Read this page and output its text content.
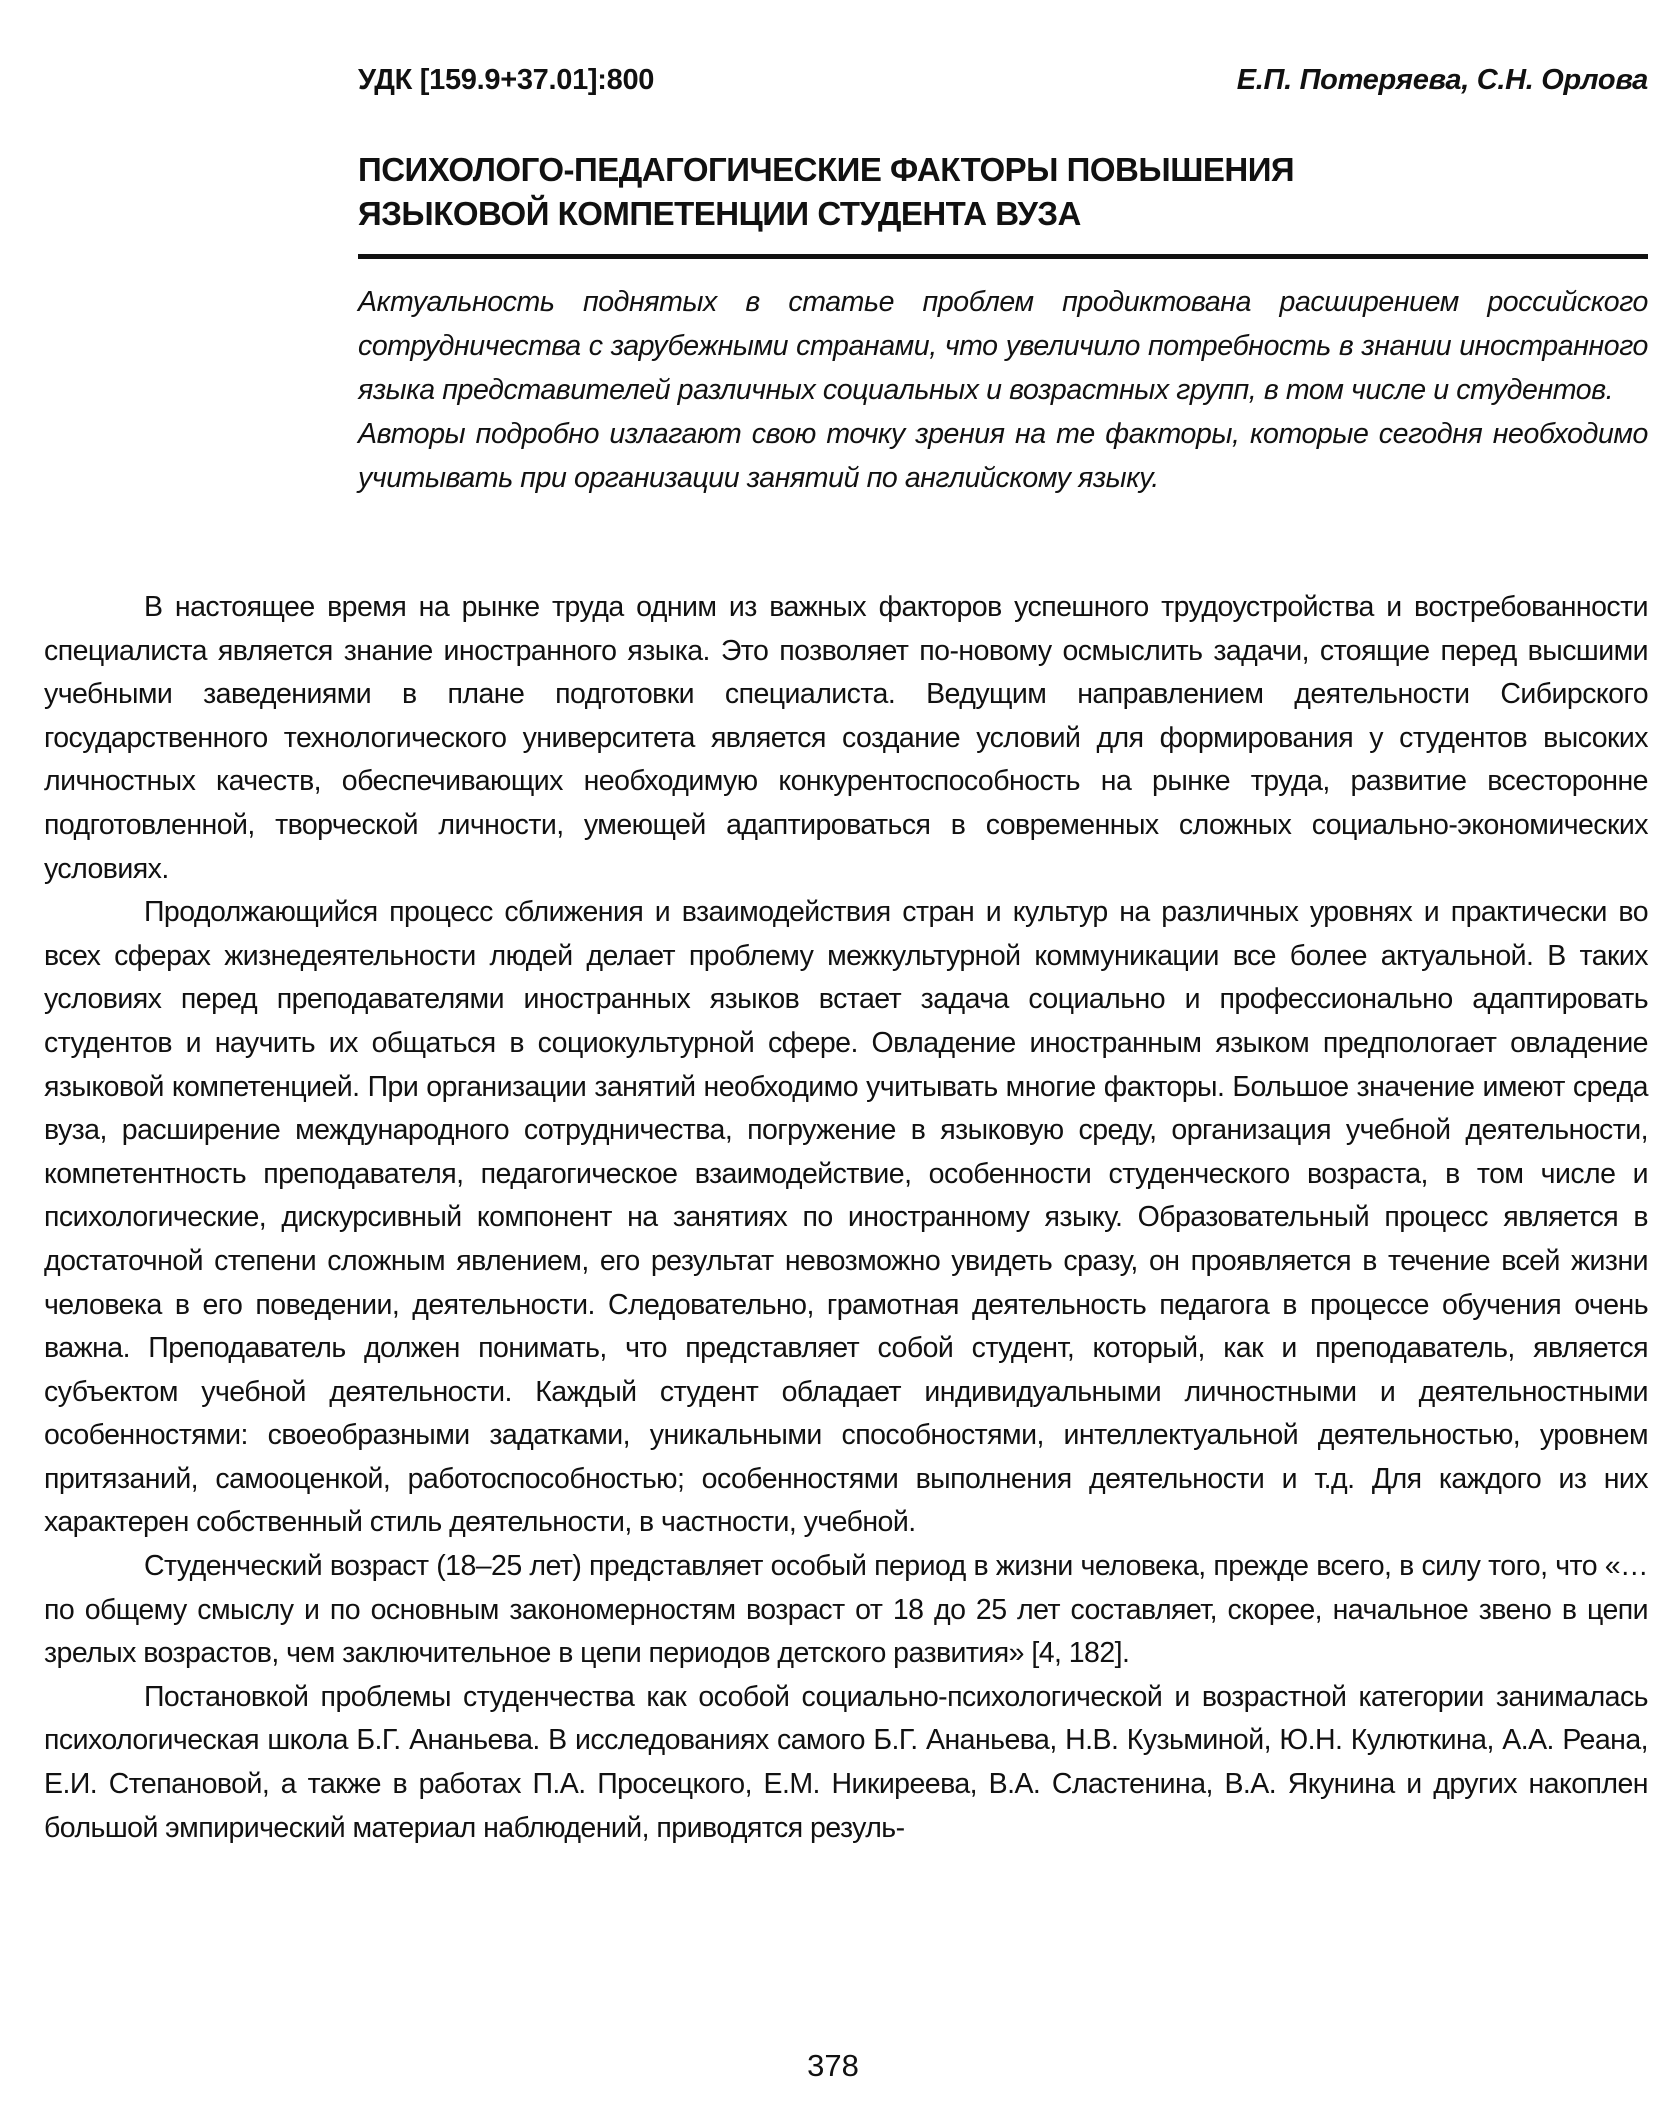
УДК [159.9+37.01]:800	Е.П. Потеряева, С.Н. Орлова
ПСИХОЛОГО-ПЕДАГОГИЧЕСКИЕ ФАКТОРЫ ПОВЫШЕНИЯ
ЯЗЫКОВОЙ КОМПЕТЕНЦИИ СТУДЕНТА ВУЗА

Актуальность поднятых в статье проблем продиктована расширением российского сотрудничества с зарубежными странами, что увеличило потребность в знании иностранного языка представителей различных социальных и возрастных групп, в том числе и студентов.

Авторы подробно излагают свою точку зрения на те факторы, которые сегодня необходимо учитывать при организации занятий по английскому языку.

В настоящее время на рынке труда одним из важных факторов успешного трудоустройства и востребованности специалиста является знание иностранного языка. Это позволяет по-новому осмыслить задачи, стоящие перед высшими учебными заведениями в плане подготовки специалиста. Ведущим направлением деятельности Сибирского государственного технологического университета является создание условий для формирования у студентов высоких личностных качеств, обеспечивающих необходимую конкурентоспособность на рынке труда, развитие всесторонне подготовленной, творческой личности, умеющей адаптироваться в современных сложных социально-экономических условиях.

Продолжающийся процесс сближения и взаимодействия стран и культур на различных уровнях и практически во всех сферах жизнедеятельности людей делает проблему межкультурной коммуникации все более актуальной. В таких условиях перед преподавателями иностранных языков встает задача социально и профессионально адаптировать студентов и научить их общаться в социокультурной сфере. Овладение иностранным языком предпологает овладение языковой компетенцией. При организации занятий необходимо учитывать многие факторы. Большое значение имеют среда вуза, расширение международного сотрудничества, погружение в языковую среду, организация учебной деятельности, компетентность преподавателя, педагогическое взаимодействие, особенности студенческого возраста, в том числе и психологические, дискурсивный компонент на занятиях по иностранному языку. Образовательный процесс является в достаточной степени сложным явлением, его результат невозможно увидеть сразу, он проявляется в течение всей жизни человека в его поведении, деятельности. Следовательно, грамотная деятельность педагога в процессе обучения очень важна. Преподаватель должен понимать, что представляет собой студент, который, как и преподаватель, является субъектом учебной деятельности. Каждый студент обладает индивидуальными личностными и деятельностными особенностями: своеобразными задатками, уникальными способностями, интеллектуальной деятельностью, уровнем притязаний, самооценкой, работоспособностью; особенностями выполнения деятельности и т.д. Для каждого из них характерен собственный стиль деятельности, в частности, учебной.

Студенческий возраст (18–25 лет) представляет особый период в жизни человека, прежде всего, в силу того, что «…по общему смыслу и по основным закономерностям возраст от 18 до 25 лет составляет, скорее, начальное звено в цепи зрелых возрастов, чем заключительное в цепи периодов детского развития» [4, 182].

Постановкой проблемы студенчества как особой социально-психологической и возрастной категории занималась психологическая школа Б.Г. Ананьева. В исследованиях самого Б.Г. Ананьева, Н.В. Кузьминой, Ю.Н. Кулюткина, А.А. Реана, Е.И. Степановой, а также в работах П.А. Просецкого, Е.М. Никиреева, В.А. Сластенина, В.А. Якунина и других накоплен большой эмпирический материал наблюдений, приводятся резуль-

378
